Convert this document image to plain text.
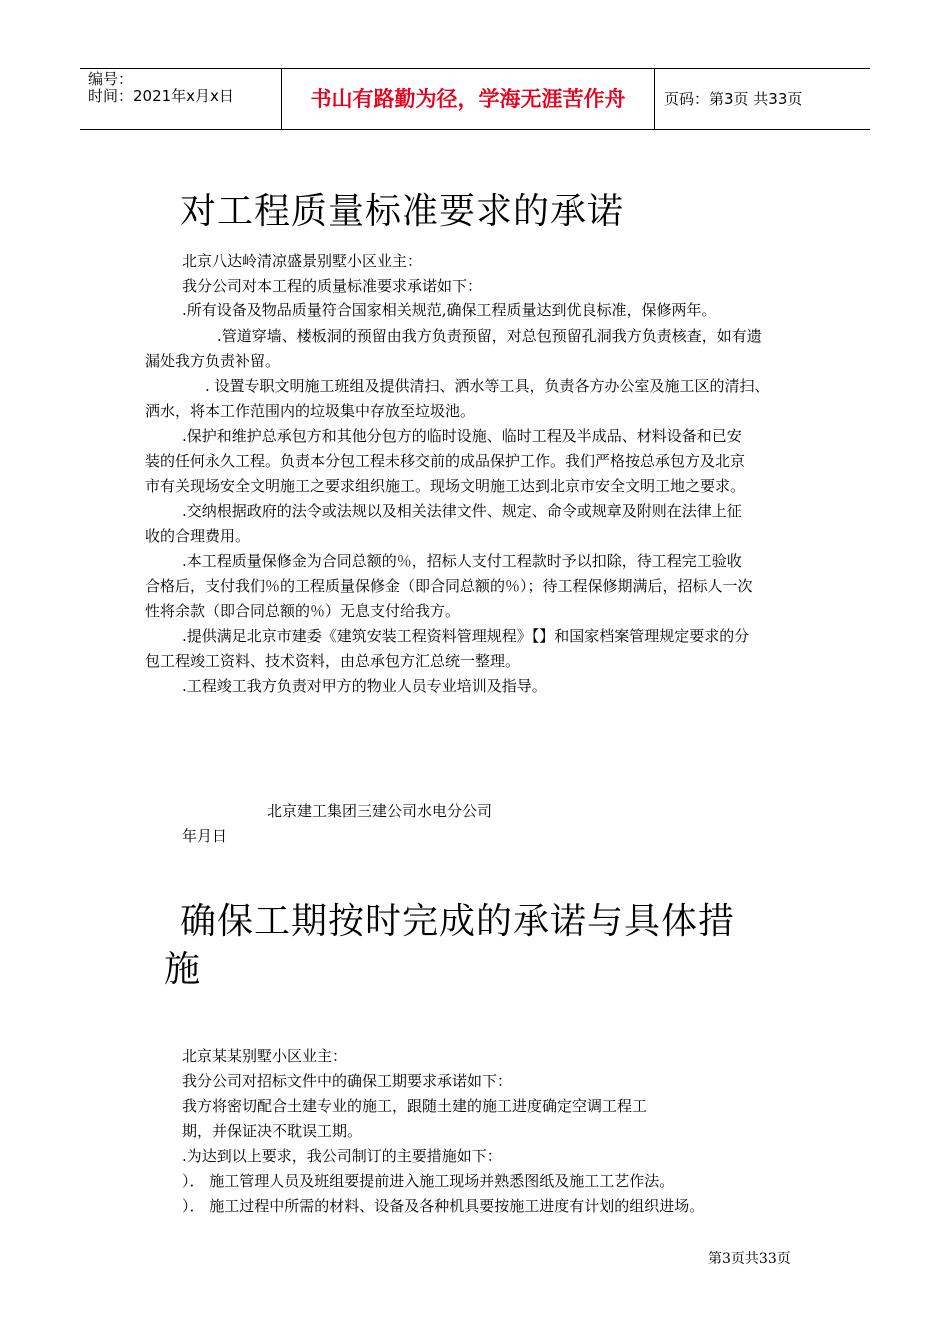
编号：
时间：2021年x月x日	书山有路勤为径，学海无涯苦作舟	页码：第3页 共33页
对工程质量标准要求的承诺

北京八达岭清凉盛景别墅小区业主：

我分公司对本工程的质量标准要求承诺如下：

.所有设备及物品质量符合国家相关规范,确保工程质量达到优良标准，保修两年。

.管道穿墙、楼板洞的预留由我方负责预留，对总包预留孔洞我方负责核查，如有遗

漏处我方负责补留。

. 设置专职文明施工班组及提供清扫、洒水等工具，负责各方办公室及施工区的清扫、

洒水，将本工作范围内的垃圾集中存放至垃圾池。

.保护和维护总承包方和其他分包方的临时设施、临时工程及半成品、材料设备和已安

装的任何永久工程。负责本分包工程未移交前的成品保护工作。我们严格按总承包方及北京

市有关现场安全文明施工之要求组织施工。现场文明施工达到北京市安全文明工地之要求。

.交纳根据政府的法令或法规以及相关法律文件、规定、命令或规章及附则在法律上征

收的合理费用。

.本工程质量保修金为合同总额的％，招标人支付工程款时予以扣除，待工程完工验收

合格后，支付我们％的工程质量保修金（即合同总额的％）；待工程保修期满后，招标人一次

性将余款（即合同总额的％）无息支付给我方。

.提供满足北京市建委《建筑安装工程资料管理规程》【】和国家档案管理规定要求的分

包工程竣工资料、技术资料，由总承包方汇总统一整理。

.工程竣工我方负责对甲方的物业人员专业培训及指导。

北京建工集团三建公司水电分公司

年月日

确保工期按时完成的承诺与具体措
施

北京某某别墅小区业主：

我分公司对招标文件中的确保工期要求承诺如下：

我方将密切配合土建专业的施工，跟随土建的施工进度确定空调工程工

期，并保证决不耽误工期。

.为达到以上要求，我公司制订的主要措施如下：

）． 施工管理人员及班组要提前进入施工现场并熟悉图纸及施工工艺作法。

）． 施工过程中所需的材料、设备及各种机具要按施工进度有计划的组织进场。

第3页共33页
